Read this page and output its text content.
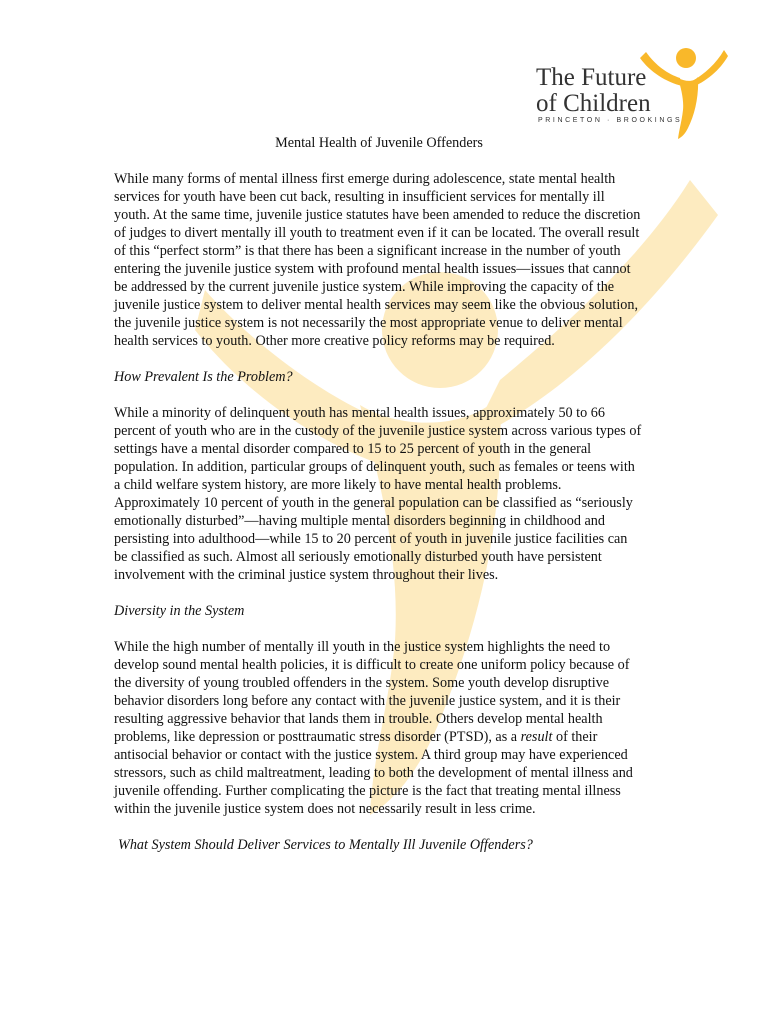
The Future
of Children
PRINCETON · BROOKINGS
Mental Health of Juvenile Offenders

While many forms of mental illness first emerge during adolescence, state mental health services for youth have been cut back, resulting in insufficient services for mentally ill youth. At the same time, juvenile justice statutes have been amended to reduce the discretion of judges to divert mentally ill youth to treatment even if it can be located. The overall result of this “perfect storm” is that there has been a significant increase in the number of youth entering the juvenile justice system with profound mental health issues—issues that cannot be addressed by the current juvenile justice system. While improving the capacity of the juvenile justice system to deliver mental health services may seem like the obvious solution, the juvenile justice system is not necessarily the most appropriate venue to deliver mental health services to youth. Other more creative policy reforms may be required.

How Prevalent Is the Problem?

While a minority of delinquent youth has mental health issues, approximately 50 to 66 percent of youth who are in the custody of the juvenile justice system across various types of settings have a mental disorder compared to 15 to 25 percent of youth in the general population. In addition, particular groups of delinquent youth, such as females or teens with a child welfare system history, are more likely to have mental health problems. Approximately 10 percent of youth in the general population can be classified as “seriously emotionally disturbed”—having multiple mental disorders beginning in childhood and persisting into adulthood—while 15 to 20 percent of youth in juvenile justice facilities can be classified as such. Almost all seriously emotionally disturbed youth have persistent involvement with the criminal justice system throughout their lives.

Diversity in the System

While the high number of mentally ill youth in the justice system highlights the need to develop sound mental health policies, it is difficult to create one uniform policy because of the diversity of young troubled offenders in the system. Some youth develop disruptive behavior disorders long before any contact with the juvenile justice system, and it is their resulting aggressive behavior that lands them in trouble. Others develop mental health problems, like depression or posttraumatic stress disorder (PTSD), as a result of their antisocial behavior or contact with the justice system. A third group may have experienced stressors, such as child maltreatment, leading to both the development of mental illness and juvenile offending. Further complicating the picture is the fact that treating mental illness within the juvenile justice system does not necessarily result in less crime.

What System Should Deliver Services to Mentally Ill Juvenile Offenders?
